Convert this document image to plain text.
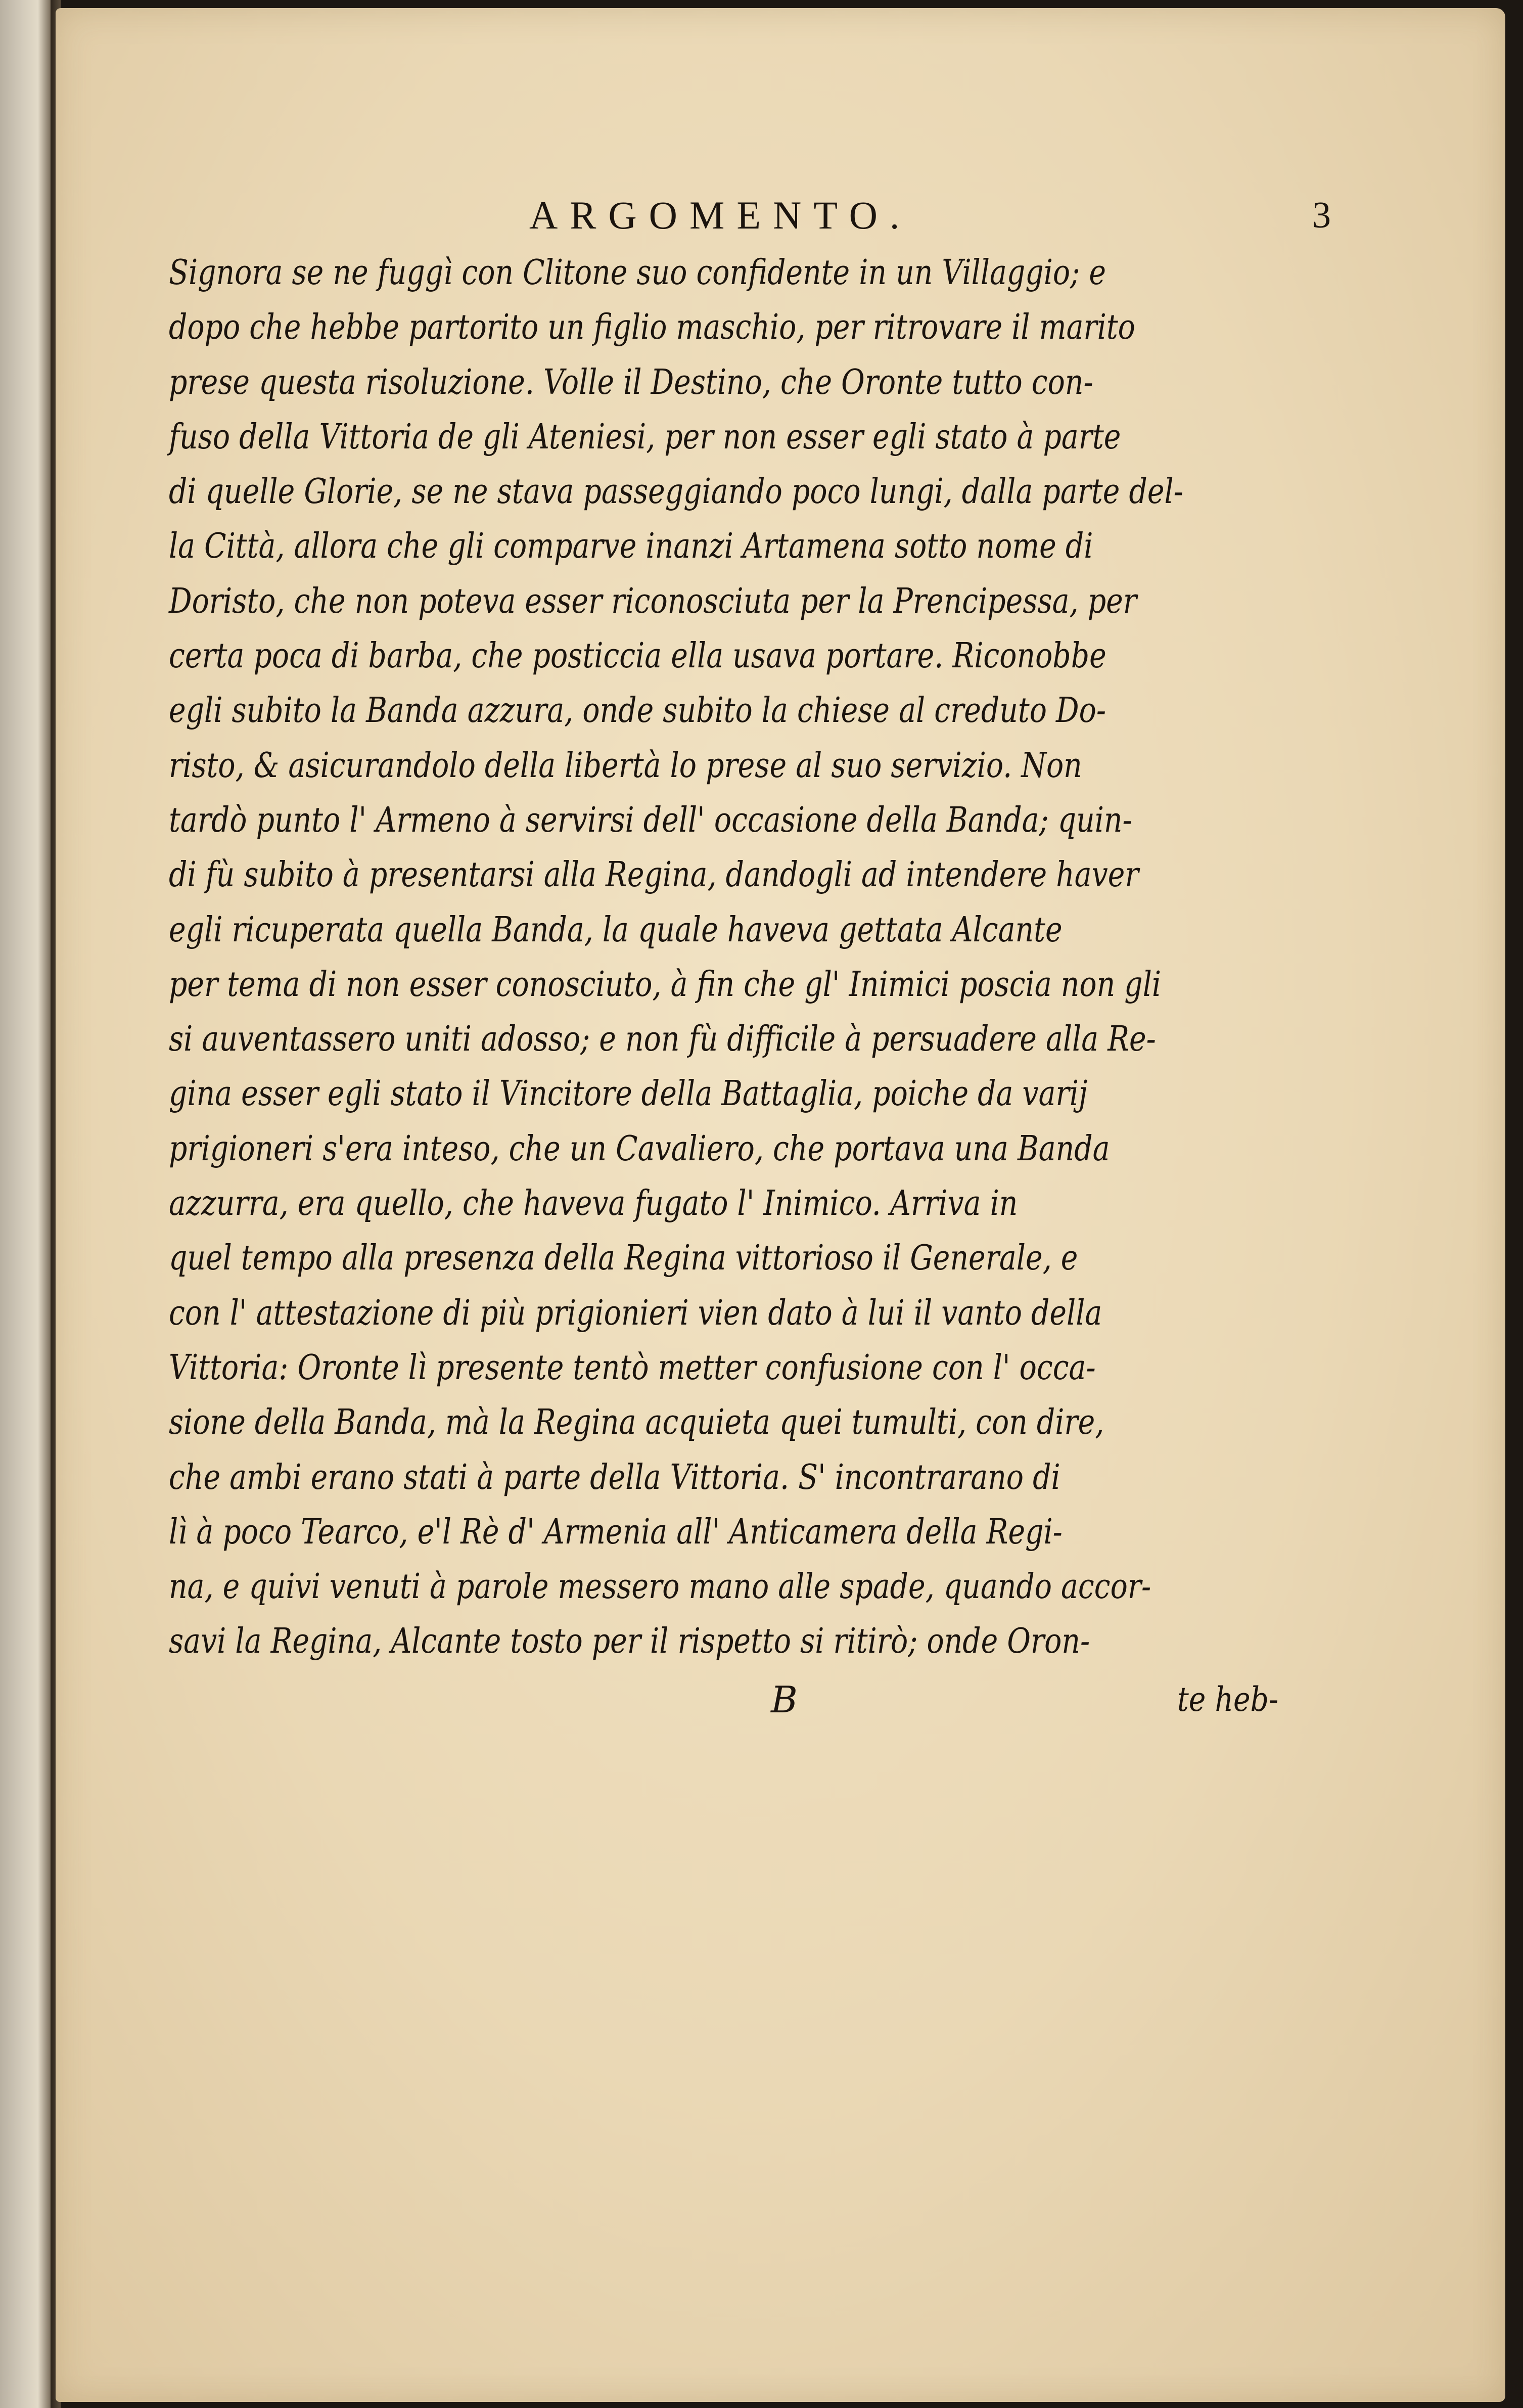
ARGOMENTO.	3
Signora se ne fuggì con Clitone suo confidente in un Villaggio; e
dopo che hebbe partorito un figlio maschio, per ritrovare il marito
prese questa risoluzione. Volle il Destino, che Oronte tutto con-
fuso della Vittoria de gli Ateniesi, per non esser egli stato à parte
di quelle Glorie, se ne stava passeggiando poco lungi, dalla parte del-
la Città, allora che gli comparve inanzi Artamena sotto nome di
Doristo, che non poteva esser riconosciuta per la Prencipessa, per
certa poca di barba, che posticcia ella usava portare. Riconobbe
egli subito la Banda azzura, onde subito la chiese al creduto Do-
risto, & asicurandolo della libertà lo prese al suo servizio. Non
tardò punto l' Armeno à servirsi dell' occasione della Banda; quin-
di fù subito à presentarsi alla Regina, dandogli ad intendere haver
egli ricuperata quella Banda, la quale haveva gettata Alcante
per tema di non esser conosciuto, à fin che gl' Inimici poscia non gli
si auventassero uniti adosso; e non fù difficile à persuadere alla Re-
gina esser egli stato il Vincitore della Battaglia, poiche da varij
prigioneri s'era inteso, che un Cavaliero, che portava una Banda
azzurra, era quello, che haveva fugato l' Inimico. Arriva in
quel tempo alla presenza della Regina vittorioso il Generale, e
con l' attestazione di più prigionieri vien dato à lui il vanto della
Vittoria: Oronte lì presente tentò metter confusione con l' occa-
sione della Banda, mà la Regina acquieta quei tumulti, con dire,
che ambi erano stati à parte della Vittoria. S' incontrarano di
lì à poco Tearco, e'l Rè d' Armenia all' Anticamera della Regi-
na, e quivi venuti à parole messero mano alle spade, quando accor-
savi la Regina, Alcante tosto per il rispetto si ritirò; onde Oron-
B	te heb-
